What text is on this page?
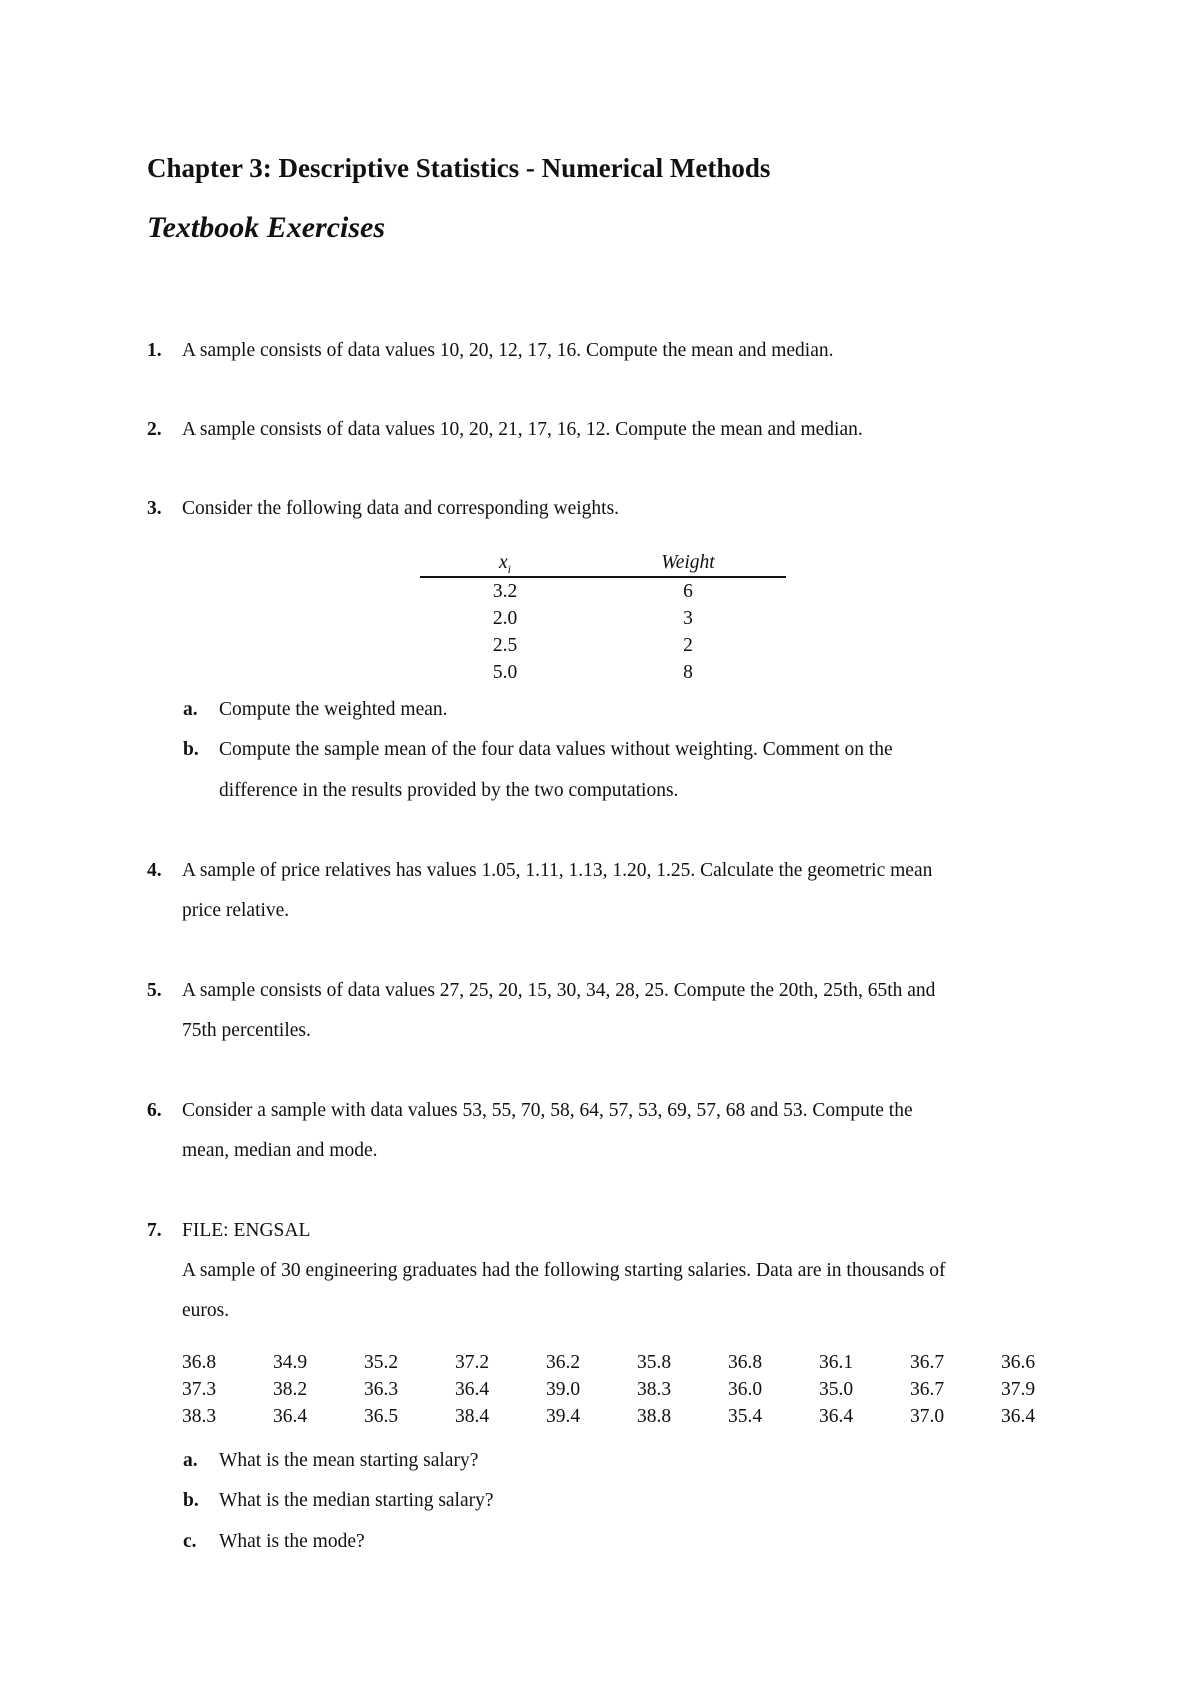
Chapter 3: Descriptive Statistics - Numerical Methods
Textbook Exercises
1. A sample consists of data values 10, 20, 12, 17, 16. Compute the mean and median.
2. A sample consists of data values 10, 20, 21, 17, 16, 12. Compute the mean and median.
3. Consider the following data and corresponding weights.
$x_i$	Weight
3.2	6
2.0	3
2.5	2
5.0	8
a. Compute the weighted mean.
b. Compute the sample mean of the four data values without weighting. Comment on the
difference in the results provided by the two computations.
4. A sample of price relatives has values 1.05, 1.11, 1.13, 1.20, 1.25. Calculate the geometric mean
price relative.
5. A sample consists of data values 27, 25, 20, 15, 30, 34, 28, 25. Compute the 20th, 25th, 65th and
75th percentiles.
6. Consider a sample with data values 53, 55, 70, 58, 64, 57, 53, 69, 57, 68 and 53. Compute the
mean, median and mode.
7. FILE: ENGSAL
A sample of 30 engineering graduates had the following starting salaries. Data are in thousands of
euros.
36.8	34.9	35.2	37.2	36.2	35.8	36.8	36.1	36.7	36.6
37.3	38.2	36.3	36.4	39.0	38.3	36.0	35.0	36.7	37.9
38.3	36.4	36.5	38.4	39.4	38.8	35.4	36.4	37.0	36.4
a. What is the mean starting salary?
b. What is the median starting salary?
c. What is the mode?
